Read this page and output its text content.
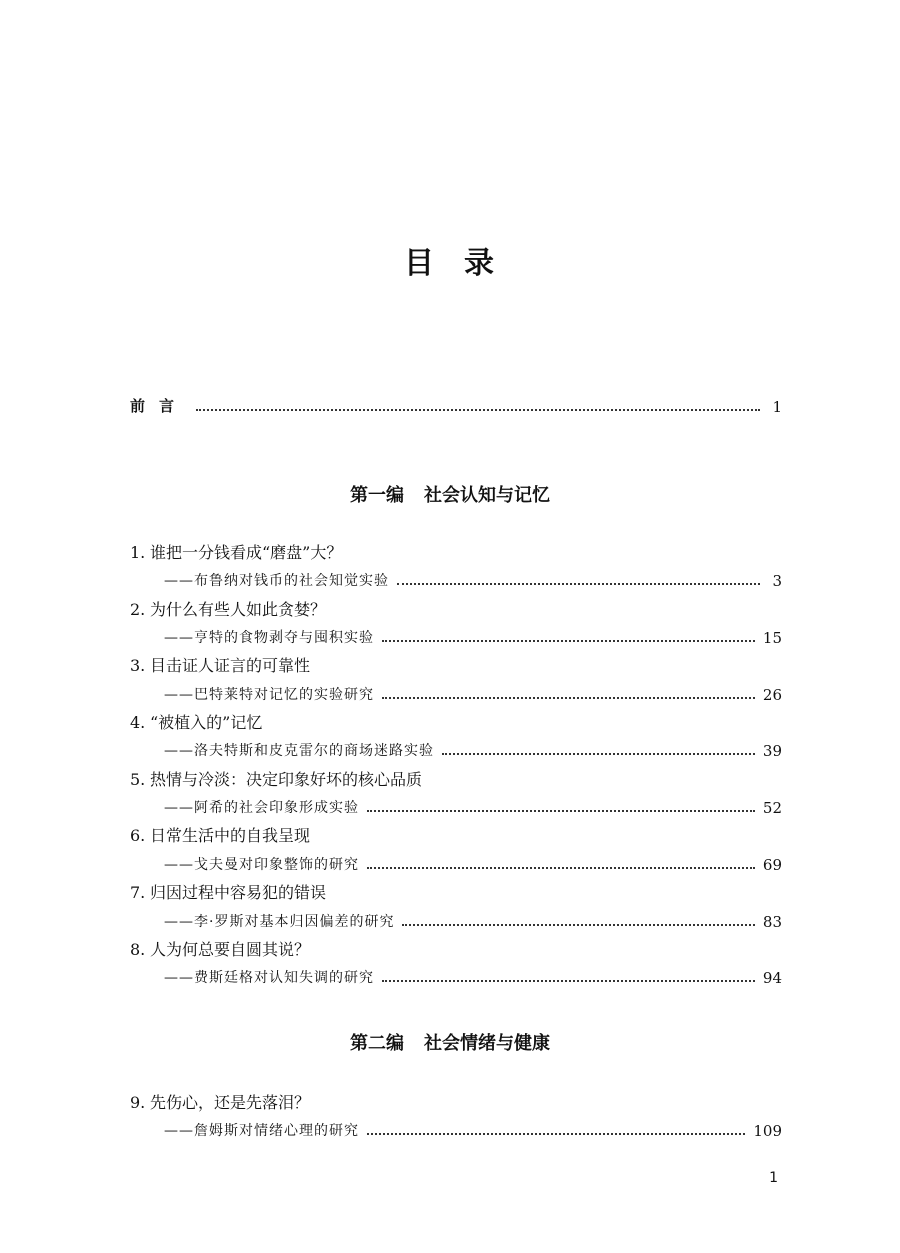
目 录
前言	1
第一编 社会认知与记忆
1. 谁把一分钱看成“磨盘”大？
——布鲁纳对钱币的社会知觉实验	3
2. 为什么有些人如此贪婪？
——亨特的食物剥夺与囤积实验	15
3. 目击证人证言的可靠性
——巴特莱特对记忆的实验研究	26
4. “被植入的”记忆
——洛夫特斯和皮克雷尔的商场迷路实验	39
5. 热情与冷淡：决定印象好坏的核心品质
——阿希的社会印象形成实验	52
6. 日常生活中的自我呈现
——戈夫曼对印象整饰的研究	69
7. 归因过程中容易犯的错误
——李·罗斯对基本归因偏差的研究	83
8. 人为何总要自圆其说？
——费斯廷格对认知失调的研究	94
第二编 社会情绪与健康
9. 先伤心，还是先落泪？
——詹姆斯对情绪心理的研究	109
1
